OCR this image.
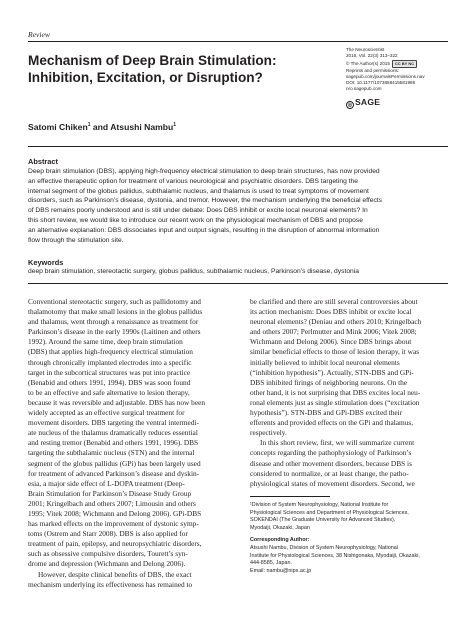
Review
Mechanism of Deep Brain Stimulation:
Inhibition, Excitation, or Disruption?
The Neuroscientist
2016, Vol. 22(3) 313–322
© The Author(s) 2015 CC BY NC
Reprints and permissions:
sagepub.com/journalsPermissions.nav
DOI: 10.1177/1073858415581986
nro.sagepub.com
◎ SAGE
Satomi Chiken$^1$ and Atsushi Nambu$^1$
Abstract
Deep brain stimulation (DBS), applying high-frequency electrical stimulation to deep brain structures, has now provided
an effective therapeutic option for treatment of various neurological and psychiatric disorders. DBS targeting the
internal segment of the globus pallidus, subthalamic nucleus, and thalamus is used to treat symptoms of movement
disorders, such as Parkinson’s disease, dystonia, and tremor. However, the mechanism underlying the beneficial effects
of DBS remains poorly understood and is still under debate: Does DBS inhibit or excite local neuronal elements? In
this short review, we would like to introduce our recent work on the physiological mechanism of DBS and propose
an alternative explanation: DBS dissociates input and output signals, resulting in the disruption of abnormal information
flow through the stimulation site.
Keywords
deep brain stimulation, stereotactic surgery, globus pallidus, subthalamic nucleus, Parkinson’s disease, dystonia
Conventional stereotactic surgery, such as pallidotomy and
thalamotomy that make small lesions in the globus pallidus
and thalamus, went through a renaissance as treatment for
Parkinson’s disease in the early 1990s (Laitinen and others
1992). Around the same time, deep brain stimulation
(DBS) that applies high-frequency electrical stimulation
through chronically implanted electrodes into a specific
target in the subcortical structures was put into practice
(Benabid and others 1991, 1994). DBS was soon found
to be an effective and safe alternative to lesion therapy,
because it was reversible and adjustable. DBS has now been
widely accepted as an effective surgical treatment for
movement disorders. DBS targeting the ventral intermedi-
ate nucleus of the thalamus dramatically reduces essential
and resting tremor (Benabid and others 1991, 1996). DBS
targeting the subthalamic nucleus (STN) and the internal
segment of the globus pallidus (GPi) has been largely used
for treatment of advanced Parkinson’s disease and dyskin-
esia, a major side effect of L-DOPA treatment (Deep-
Brain Stimulation for Parkinson’s Disease Study Group
2001; Kringelbach and others 2007; Limousin and others
1995; Vitek 2008; Wichmann and Delong 2006). GPi-DBS
has marked effects on the improvement of dystonic symp-
toms (Ostrem and Starr 2008). DBS is also applied for
treatment of pain, epilepsy, and neuropsychiatric disorders,
such as obsessive compulsive disorders, Tourett’s syn-
drome and depression (Wichmann and Delong 2006).
However, despite clinical benefits of DBS, the exact
mechanism underlying its effectiveness has remained to
be clarified and there are still several controversies about
its action mechanism: Does DBS inhibit or excite local
neuronal elements? (Deniau and others 2010; Kringelbach
and others 2007; Perlmutter and Mink 2006; Vitek 2008;
Wichmann and Delong 2006). Since DBS brings about
similar beneficial effects to those of lesion therapy, it was
initially believed to inhibit local neuronal elements
(“inhibition hypothesis”). Actually, STN-DBS and GPi-
DBS inhibited firings of neighboring neurons. On the
other hand, it is not surprising that DBS excites local neu-
ronal elements just as single stimulation does (“excitation
hypothesis”). STN-DBS and GPi-DBS excited their
efferents and provided effects on the GPi and thalamus,
respectively.
In this short review, first, we will summarize current
concepts regarding the pathophysiology of Parkinson’s
disease and other movement disorders, because DBS is
considered to normalize, or at least change, the patho-
physiological states of movement disorders. Second, we
¹Division of System Neurophysiology, National Institute for
Physiological Sciences and Department of Physiological Sciences,
SOKENDAI (The Graduate University for Advanced Studies),
Myodaiji, Okazaki, Japan
Corresponding Author:
Atsushi Nambu, Division of System Neurophysiology, National
Institute for Physiological Sciences, 38 Nishigonaka, Myodaiji, Okazaki,
444-8585, Japan.
Email: nambu@nips.ac.jp
